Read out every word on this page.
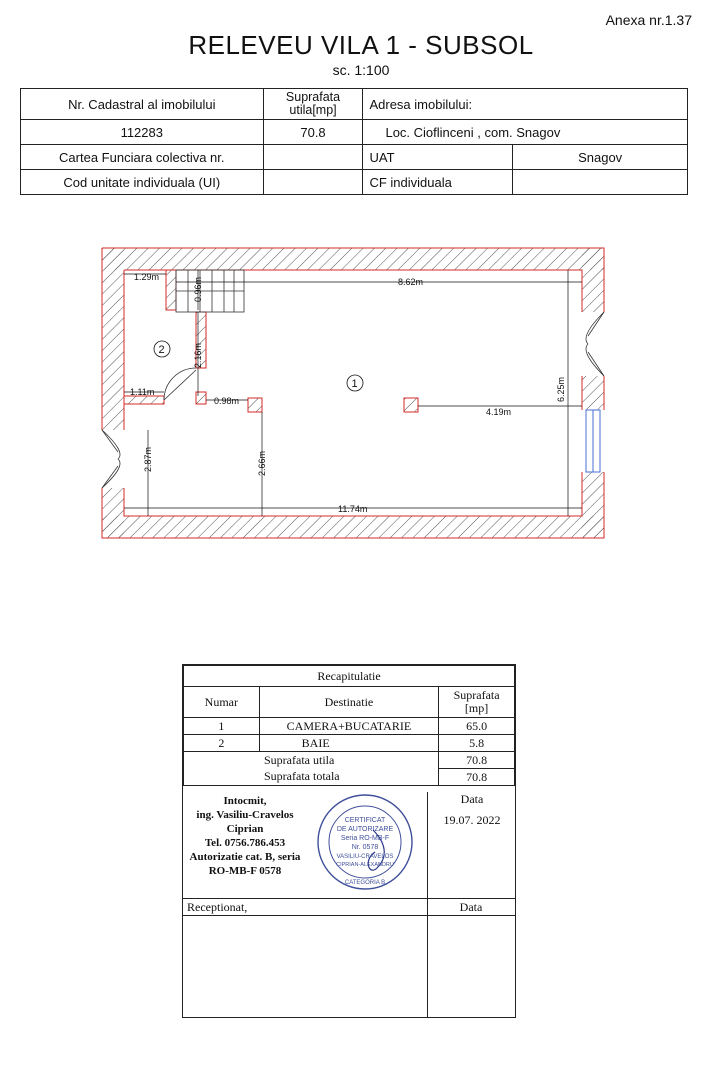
Anexa nr.1.37
RELEVEU VILA 1 - SUBSOL
sc. 1:100
Nr. Cadastral al imobilului	Suprafata utila[mp]	Adresa imobilului:	
112283	70.8	Loc. Cioflinceni , com. Snagov	
Cartea Funciara colectiva nr.		UAT	Snagov
Cod unitate individuala (UI)		CF individuala	
1.29m	0.96m	8.62m
2.16m
1.11m
0.98m	6.25m
4.19m
2.87m	2.66m
11.74m
2
1
Recapitulatie		
Numar	Destinatie	Suprafata [mp]
1	CAMERA+BUCATARIE	65.0
2	BAIE	5.8
Suprafata utila		70.8
Suprafata totala		70.8
Intocmit,
ing. Vasiliu-Cravelos
Ciprian
Tel. 0756.786.453
Autorizatie cat. B, seria
RO-MB-F 0578
CERTIFICAT
DE AUTORIZARE
Seria RO-MB-F
Nr. 0578
VASILIU-CRAVELOS
CIPRIAN-ALEXANDRU
CATEGORIA B
Data
19.07. 2022
Receptionat,	Data
